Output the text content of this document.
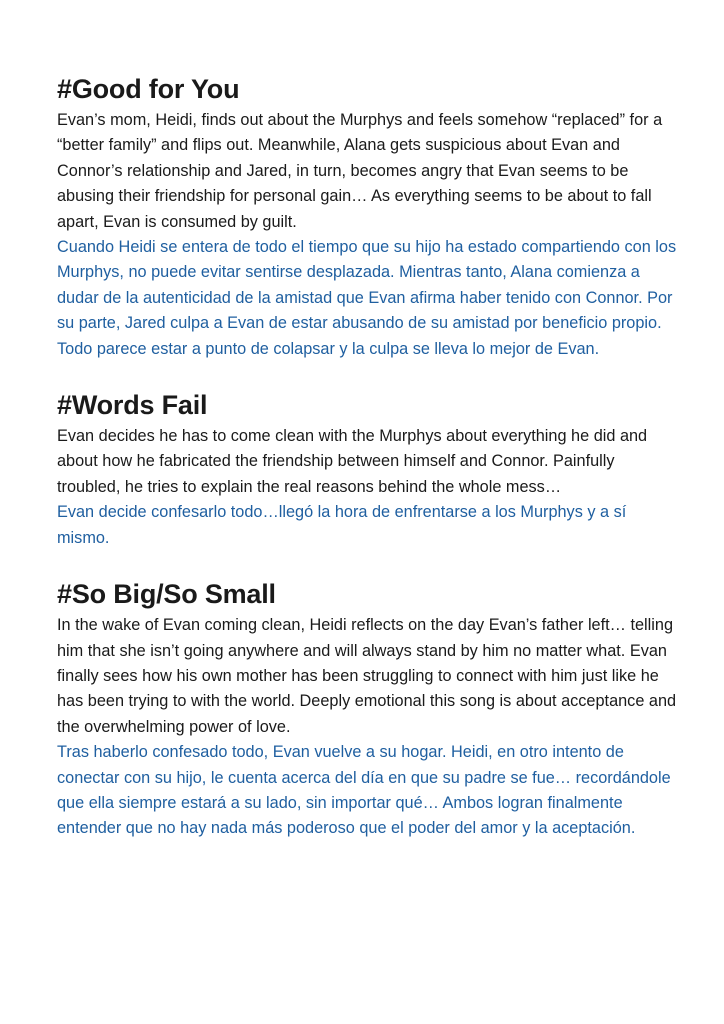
#Good for You

Evan’s mom, Heidi, finds out about the Murphys and feels somehow “replaced” for a “better family” and flips out. Meanwhile, Alana gets suspicious about Evan and Connor’s relationship and Jared, in turn, becomes angry that Evan seems to be abusing their friendship for personal gain… As everything seems to be about to fall apart, Evan is consumed by guilt.

Cuando Heidi se entera de todo el tiempo que su hijo ha estado compartiendo con los Murphys, no puede evitar sentirse desplazada. Mientras tanto, Alana comienza a dudar de la autenticidad de la amistad que Evan afirma haber tenido con Connor. Por su parte, Jared culpa a Evan de estar abusando de su amistad por beneficio propio. Todo parece estar a punto de colapsar y la culpa se lleva lo mejor de Evan.

#Words Fail

Evan decides he has to come clean with the Murphys about everything he did and about how he fabricated the friendship between himself and Connor. Painfully troubled, he tries to explain the real reasons behind the whole mess…

Evan decide confesarlo todo…llegó la hora de enfrentarse a los Murphys y a sí mismo.

#So Big/So Small

In the wake of Evan coming clean, Heidi reflects on the day Evan’s father left… telling him that she isn’t going anywhere and will always stand by him no matter what. Evan finally sees how his own mother has been struggling to connect with him just like he has been trying to with the world. Deeply emotional this song is about acceptance and the overwhelming power of love.

Tras haberlo confesado todo, Evan vuelve a su hogar. Heidi, en otro intento de conectar con su hijo, le cuenta acerca del día en que su padre se fue… recordándole que ella siempre estará a su lado, sin importar qué… Ambos logran finalmente entender que no hay nada más poderoso que el poder del amor y la aceptación.
